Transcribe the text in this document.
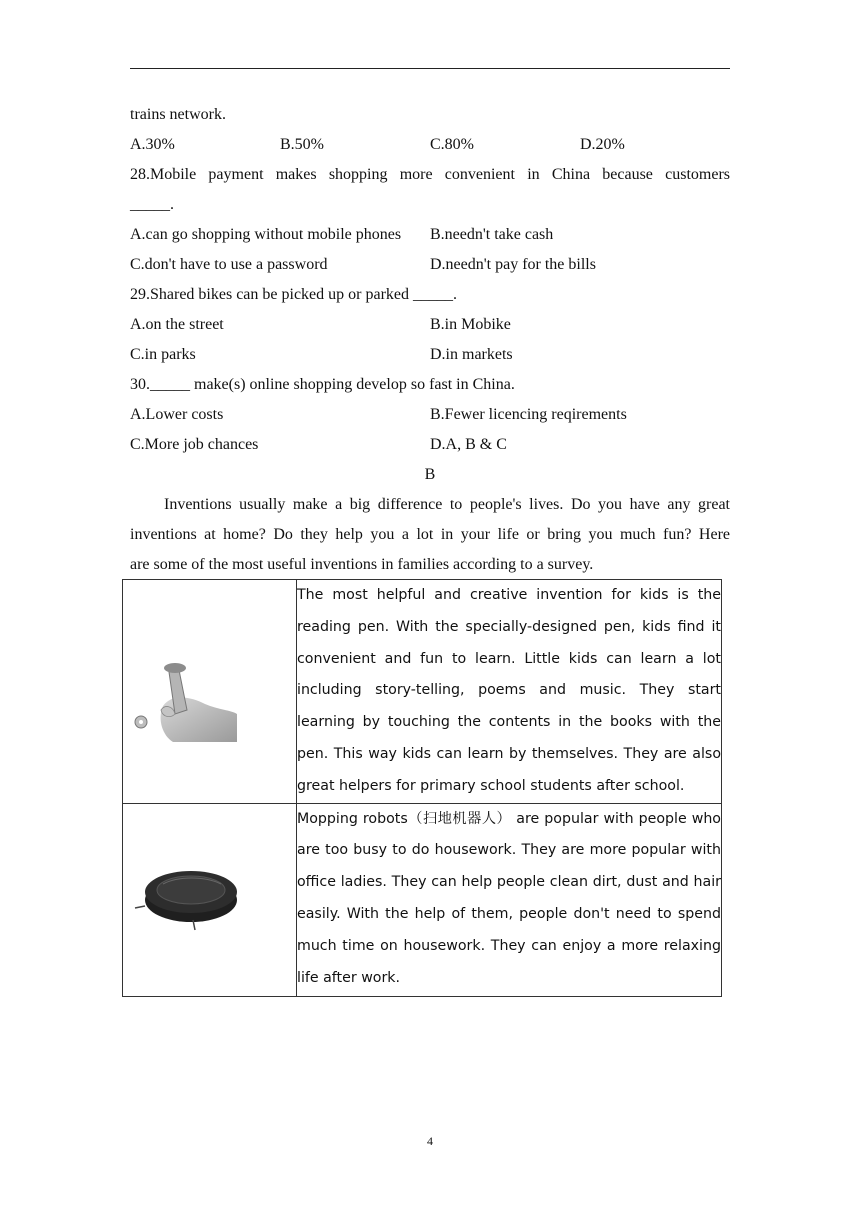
trains network.
A.30%	B.50%	C.80%	D.20%
28.Mobile payment makes shopping more convenient in China because customers
_____.
A.can go shopping without mobile phones B.needn't take cash
C.don't have to use a password	D.needn't pay for the bills
29.Shared bikes can be picked up or parked _____.
A.on the street	B.in Mobike
C.in parks	D.in markets
30._____ make(s) online shopping develop so fast in China.
A.Lower costs	B.Fewer licencing reqirements
C.More job chances	D.A, B & C
B
Inventions usually make a big difference to people's lives. Do you have any great
inventions at home? Do they help you a lot in your life or bring you much fun? Here
are some of the most useful inventions in families according to a survey.
	The most helpful and creative invention for kids is the reading pen. With the specially-designed pen, kids find it convenient and fun to learn. Little kids can learn a lot including story-telling, poems and music. They start learning by touching the contents in the books with the pen. This way kids can learn by themselves. They are also great helpers for primary school students after school.

	Mopping robots（扫地机器人） are popular with people who are too busy to do housework. They are more popular with office ladies. They can help people clean dirt, dust and hair easily. With the help of them, people don't need to spend much time on housework. They can enjoy a more relaxing life after work.
4
